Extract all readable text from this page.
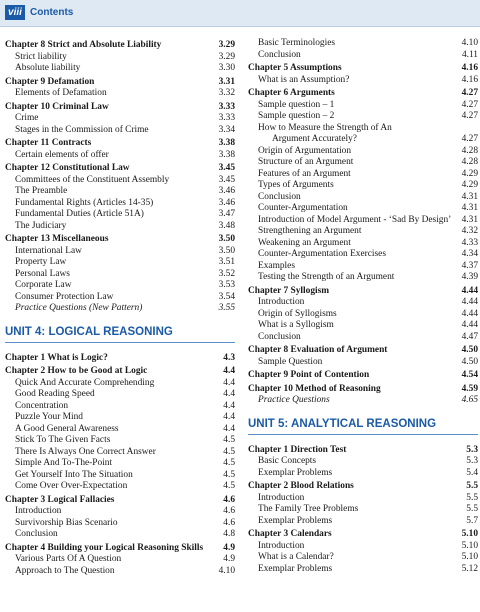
viii Contents
Chapter 8 Strict and Absolute Liability	3.29
Strict liability	3.29
Absolute liability	3.30
Chapter 9 Defamation	3.31
Elements of Defamation	3.32
Chapter 10 Criminal Law	3.33
Crime	3.33
Stages in the Commission of Crime	3.34
Chapter 11 Contracts	3.38
Certain elements of offer	3.38
Chapter 12 Constitutional Law	3.45
Committees of the Constituent Assembly	3.45
The Preamble	3.46
Fundamental Rights (Articles 14-35)	3.46
Fundamental Duties (Article 51A)	3.47
The Judiciary	3.48
Chapter 13 Miscellaneous	3.50
International Law	3.50
Property Law	3.51
Personal Laws	3.52
Corporate Law	3.53
Consumer Protection Law	3.54
Practice Questions (New Pattern)	3.55
UNIT 4: LOGICAL REASONING
Chapter 1 What is Logic?	4.3
Chapter 2 How to be Good at Logic	4.4
Quick And Accurate Comprehending	4.4
Good Reading Speed	4.4
Concentration	4.4
Puzzle Your Mind	4.4
A Good General Awareness	4.4
Stick To The Given Facts	4.5
There Is Always One Correct Answer	4.5
Simple And To-The-Point	4.5
Get Yourself Into The Situation	4.5
Come Over Over-Expectation	4.5
Chapter 3 Logical Fallacies	4.6
Introduction	4.6
Survivorship Bias Scenario	4.6
Conclusion	4.8
Chapter 4 Building your Logical Reasoning Skills 4.9
Various Parts Of A Question	4.9
Approach to The Question	4.10
Basic Terminologies	4.10
Conclusion	4.11
Chapter 5 Assumptions	4.16
What is an Assumption?	4.16
Chapter 6 Arguments	4.27
Sample question – 1	4.27
Sample question – 2	4.27
How to Measure the Strength of An
Argument Accurately?	4.27
Origin of Argumentation	4.28
Structure of an Argument	4.28
Features of an Argument	4.29
Types of Arguments	4.29
Conclusion	4.31
Counter-Argumentation	4.31
Introduction of Model Argument - ‘Sad By Design’ 4.31
Strengthening an Argument	4.32
Weakening an Argument	4.33
Counter-Argumentation Exercises	4.34
Examples	4.37
Testing the Strength of an Argument	4.39
Chapter 7 Syllogism	4.44
Introduction	4.44
Origin of Syllogisms	4.44
What is a Syllogism	4.44
Conclusion	4.47
Chapter 8 Evaluation of Argument	4.50
Sample Question	4.50
Chapter 9 Point of Contention	4.54
Chapter 10 Method of Reasoning	4.59
Practice Questions	4.65
UNIT 5: ANALYTICAL REASONING
Chapter 1 Direction Test	5.3
Basic Concepts	5.3
Exemplar Problems	5.4
Chapter 2 Blood Relations	5.5
Introduction	5.5
The Family Tree Problems	5.5
Exemplar Problems	5.7
Chapter 3 Calendars	5.10
Introduction	5.10
What is a Calendar?	5.10
Exemplar Problems	5.12
